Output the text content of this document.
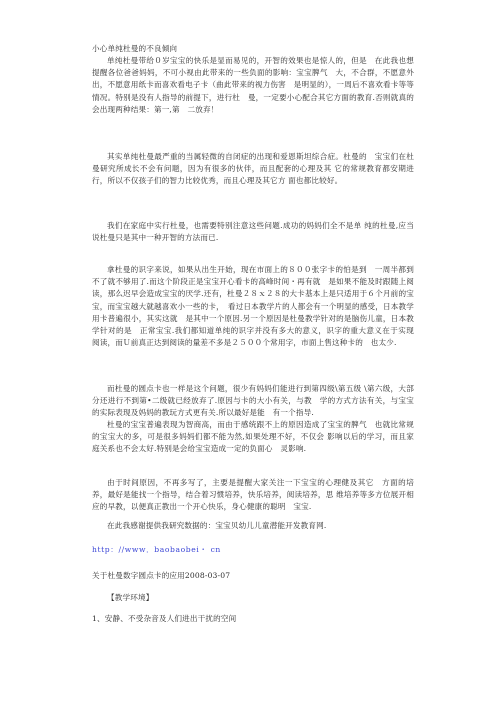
小心单纯杜曼的不良倾向

单纯杜曼带给０岁宝宝的快乐是显而易见的，开智的效果也是惊人的，但是　在此我也想提醒各位爸爸妈妈，不可小视由此带来的一些负面的影响：宝宝脾气　大，不合群，不愿意外出，不愿意用纸卡而喜欢看电子卡（曲此带来的视力伤害　是明显的），一周后不喜欢看卡等等情况。特别是没有人指导的前提下，进行杜　曼，一定要小心配合其它方面的教育.否则就真的会出现两种结果：第一,第　二放弃！

其实单纯杜曼最严重的当属轻微的自闭症的出现和爱恩斯坦综合症。杜曼的　宝宝们在杜曼研究所成长不会有问题，因为有很多的伙伴，而且配套的心理及其 它的常规教育都安期进行，所以不仅孩子们的智力比较优秀，而且心理及其它方 面也都比较好。

我们在家庭中实行杜曼，也需要特别注意这些问题.成功的妈妈们全不是单 纯的杜曼,应当说杜曼只是其中一种开智的方法而已.

拿杜曼的识字来说，如果从出生开始，现在市面上的８００张字卡的怕是到　一周半都到不了就不够用了.而这个阶段正是宝宝开心看卡的高峰时间・再有就　是如果不能及时跟随上阅读，那么迟早会造成宝宝的厌学.还有，杜曼２８ｘ２８的大卡基本上是只适用于６个月前的宝宝，而宝宝越大就越喜欢小一些的卡，　看过日本教学片的人都会有一个明显的感受，日本教学用卡普遍很小，其实这就　是其中一个原因.另一个原因是杜曼教学针对的是脑伤儿童，日本教学针对的是　正常宝宝.我们都知道单纯的识字并没有多大的意义，识字的重大意义在于实现　阅读，而Ｕ前真正达到阅读的量差不多是２５００个常用字，市面上售这种卡的　也太少.

而杜曼的圆点卡也一样是这个问题，很少有妈妈们能进行到第四级\第五级 \第六级，大部分还进行不到第•二级就已经放弃了.原因与卡的大小有关，与教　学的方式方法有关，与宝宝的实际表现及妈妈的教玩方式更有关.所以最好是能　有一个指导.

杜曼的宝宝普遍表现为智商高，而由于感统跟不上的原因造成了宝宝的脾气　也就比常规的宝宝大的多，可是很多妈妈们都不能为然,如果处理不好，不仅会 影响以后的学习，而且家庭关系也不会太好.特别是会给宝宝造成一定的负面心　灵影响.

由于时间原因，不再多写了，主要是提醒大家关注一下宝宝的心理健及其它　方面的培养，最好是能找一个指导，结合着习惯培养，快乐培养，阅读培养，思 维培养等多方位展开相应的早教，以便真正教出一个开心快乐，身心健康的聪明　宝宝.

在此我感谢提供我研究数据的：宝宝贝幼儿儿童潜能开发教育网.

http：//www．baobaobei・ cn

关于杜曼数字圆点卡的应用2008-03-07

【教学环境】

1、安静、不受杂音及人们进出干扰的空间
